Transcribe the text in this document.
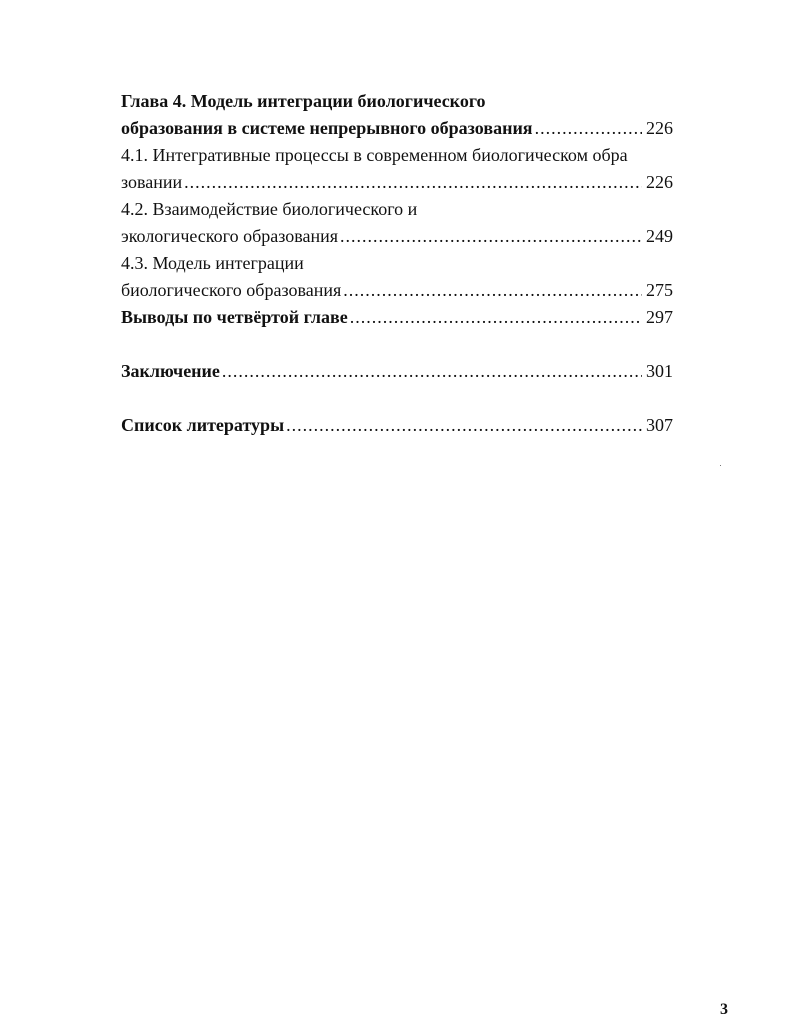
Глава 4. Модель интеграции биологического
образования в системе непрерывного образования .....	226
4.1. Интегративные процессы в современном биологическом обра
зовании .....	226
4.2. Взаимодействие биологического и
экологического образования .....	249
4.3. Модель интеграции
биологического образования .....	275
Выводы по четвёртой главе .....	297
Заключение .....	301
Список литературы .....	307
3
